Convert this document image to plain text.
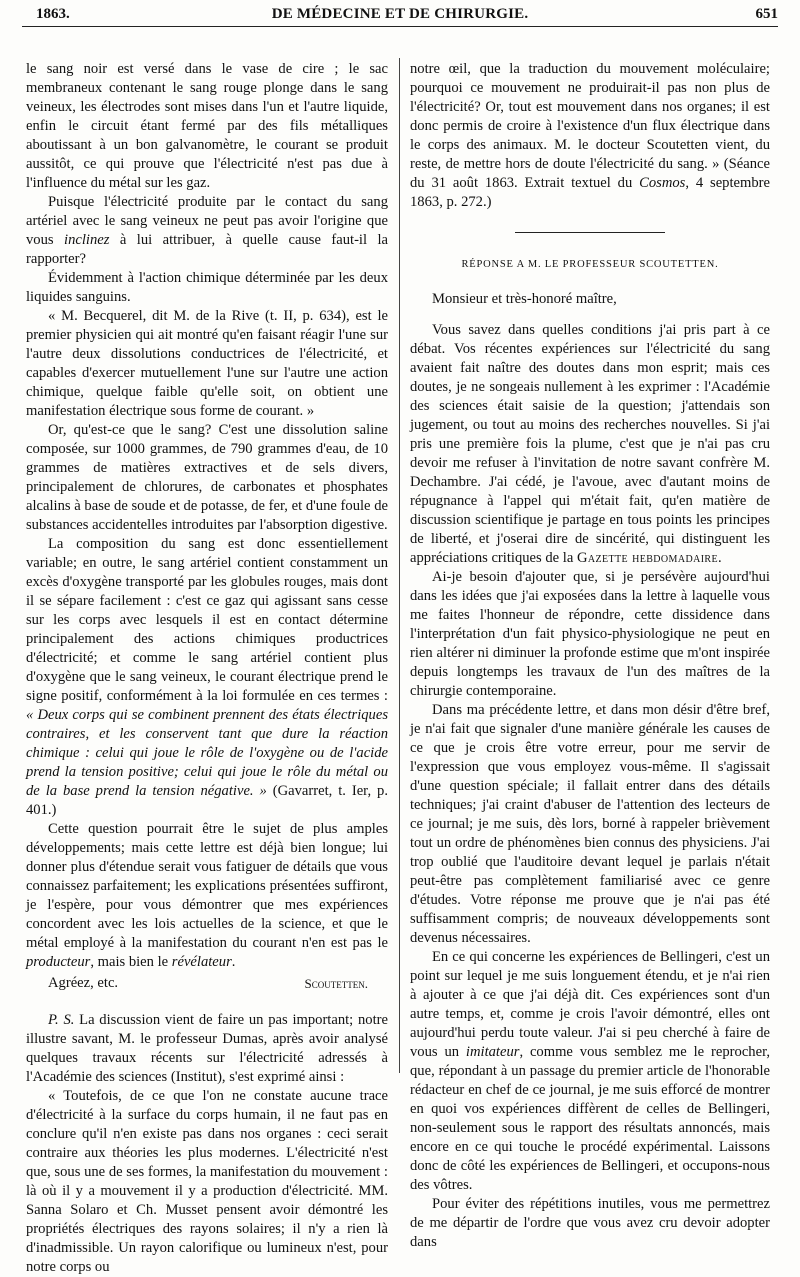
1863.	DE MÉDECINE ET DE CHIRURGIE.	651

le sang noir est versé dans le vase de cire ; le sac membraneux contenant le sang rouge plonge dans le sang veineux, les électrodes sont mises dans l'un et l'autre liquide, enfin le circuit étant fermé par des fils métalliques aboutissant à un bon galvanomètre, le courant se produit aussitôt, ce qui prouve que l'électricité n'est pas due à l'influence du métal sur les gaz.

Puisque l'électricité produite par le contact du sang artériel avec le sang veineux ne peut pas avoir l'origine que vous inclinez à lui attribuer, à quelle cause faut-il la rapporter?

Évidemment à l'action chimique déterminée par les deux liquides sanguins.

« M. Becquerel, dit M. de la Rive (t. II, p. 634), est le premier physicien qui ait montré qu'en faisant réagir l'une sur l'autre deux dissolutions conductrices de l'électricité, et capables d'exercer mutuellement l'une sur l'autre une action chimique, quelque faible qu'elle soit, on obtient une manifestation électrique sous forme de courant. »

Or, qu'est-ce que le sang? C'est une dissolution saline composée, sur 1000 grammes, de 790 grammes d'eau, de 10 grammes de matières extractives et de sels divers, principalement de chlorures, de carbonates et phosphates alcalins à base de soude et de potasse, de fer, et d'une foule de substances accidentelles introduites par l'absorption digestive.

La composition du sang est donc essentiellement variable; en outre, le sang artériel contient constamment un excès d'oxygène transporté par les globules rouges, mais dont il se sépare facilement : c'est ce gaz qui agissant sans cesse sur les corps avec lesquels il est en contact détermine principalement des actions chimiques productrices d'électricité; et comme le sang artériel contient plus d'oxygène que le sang veineux, le courant électrique prend le signe positif, conformément à la loi formulée en ces termes : « Deux corps qui se combinent prennent des états électriques contraires, et les conservent tant que dure la réaction chimique : celui qui joue le rôle de l'oxygène ou de l'acide prend la tension positive; celui qui joue le rôle du métal ou de la base prend la tension négative. » (Gavarret, t. Ier, p. 401.)

Cette question pourrait être le sujet de plus amples développements; mais cette lettre est déjà bien longue; lui donner plus d'étendue serait vous fatiguer de détails que vous connaissez parfaitement; les explications présentées suffiront, je l'espère, pour vous démontrer que mes expériences concordent avec les lois actuelles de la science, et que le métal employé à la manifestation du courant n'en est pas le producteur, mais bien le révélateur.

Agréez, etc.	Scoutetten.

P. S. La discussion vient de faire un pas important; notre illustre savant, M. le professeur Dumas, après avoir analysé quelques travaux récents sur l'électricité adressés à l'Académie des sciences (Institut), s'est exprimé ainsi :

« Toutefois, de ce que l'on ne constate aucune trace d'électricité à la surface du corps humain, il ne faut pas en conclure qu'il n'en existe pas dans nos organes : ceci serait contraire aux théories les plus modernes. L'électricité n'est que, sous une de ses formes, la manifestation du mouvement : là où il y a mouvement il y a production d'électricité. MM. Sanna Solaro et Ch. Musset pensent avoir démontré les propriétés électriques des rayons solaires; il n'y a rien là d'inadmissible. Un rayon calorifique ou lumineux n'est, pour notre corps ou

notre œil, que la traduction du mouvement moléculaire; pourquoi ce mouvement ne produirait-il pas non plus de l'électricité? Or, tout est mouvement dans nos organes; il est donc permis de croire à l'existence d'un flux électrique dans le corps des animaux. M. le docteur Scoutetten vient, du reste, de mettre hors de doute l'électricité du sang. » (Séance du 31 août 1863. Extrait textuel du Cosmos, 4 septembre 1863, p. 272.)

RÉPONSE A M. LE PROFESSEUR SCOUTETTEN.

Monsieur et très-honoré maître,

Vous savez dans quelles conditions j'ai pris part à ce débat. Vos récentes expériences sur l'électricité du sang avaient fait naître des doutes dans mon esprit; mais ces doutes, je ne songeais nullement à les exprimer : l'Académie des sciences était saisie de la question; j'attendais son jugement, ou tout au moins des recherches nouvelles. Si j'ai pris une première fois la plume, c'est que je n'ai pas cru devoir me refuser à l'invitation de notre savant confrère M. Dechambre. J'ai cédé, je l'avoue, avec d'autant moins de répugnance à l'appel qui m'était fait, qu'en matière de discussion scientifique je partage en tous points les principes de liberté, et j'oserai dire de sincérité, qui distinguent les appréciations critiques de la Gazette hebdomadaire.

Ai-je besoin d'ajouter que, si je persévère aujourd'hui dans les idées que j'ai exposées dans la lettre à laquelle vous me faites l'honneur de répondre, cette dissidence dans l'interprétation d'un fait physico-physiologique ne peut en rien altérer ni diminuer la profonde estime que m'ont inspirée depuis longtemps les travaux de l'un des maîtres de la chirurgie contemporaine.

Dans ma précédente lettre, et dans mon désir d'être bref, je n'ai fait que signaler d'une manière générale les causes de ce que je crois être votre erreur, pour me servir de l'expression que vous employez vous-même. Il s'agissait d'une question spéciale; il fallait entrer dans des détails techniques; j'ai craint d'abuser de l'attention des lecteurs de ce journal; je me suis, dès lors, borné à rappeler brièvement tout un ordre de phénomènes bien connus des physiciens. J'ai trop oublié que l'auditoire devant lequel je parlais n'était peut-être pas complètement familiarisé avec ce genre d'études. Votre réponse me prouve que je n'ai pas été suffisamment compris; de nouveaux développements sont devenus nécessaires.

En ce qui concerne les expériences de Bellingeri, c'est un point sur lequel je me suis longuement étendu, et je n'ai rien à ajouter à ce que j'ai déjà dit. Ces expériences sont d'un autre temps, et, comme je crois l'avoir démontré, elles ont aujourd'hui perdu toute valeur. J'ai si peu cherché à faire de vous un imitateur, comme vous semblez me le reprocher, que, répondant à un passage du premier article de l'honorable rédacteur en chef de ce journal, je me suis efforcé de montrer en quoi vos expériences diffèrent de celles de Bellingeri, non-seulement sous le rapport des résultats annoncés, mais encore en ce qui touche le procédé expérimental. Laissons donc de côté les expériences de Bellingeri, et occupons-nous des vôtres.

Pour éviter des répétitions inutiles, vous me permettrez de me départir de l'ordre que vous avez cru devoir adopter dans
